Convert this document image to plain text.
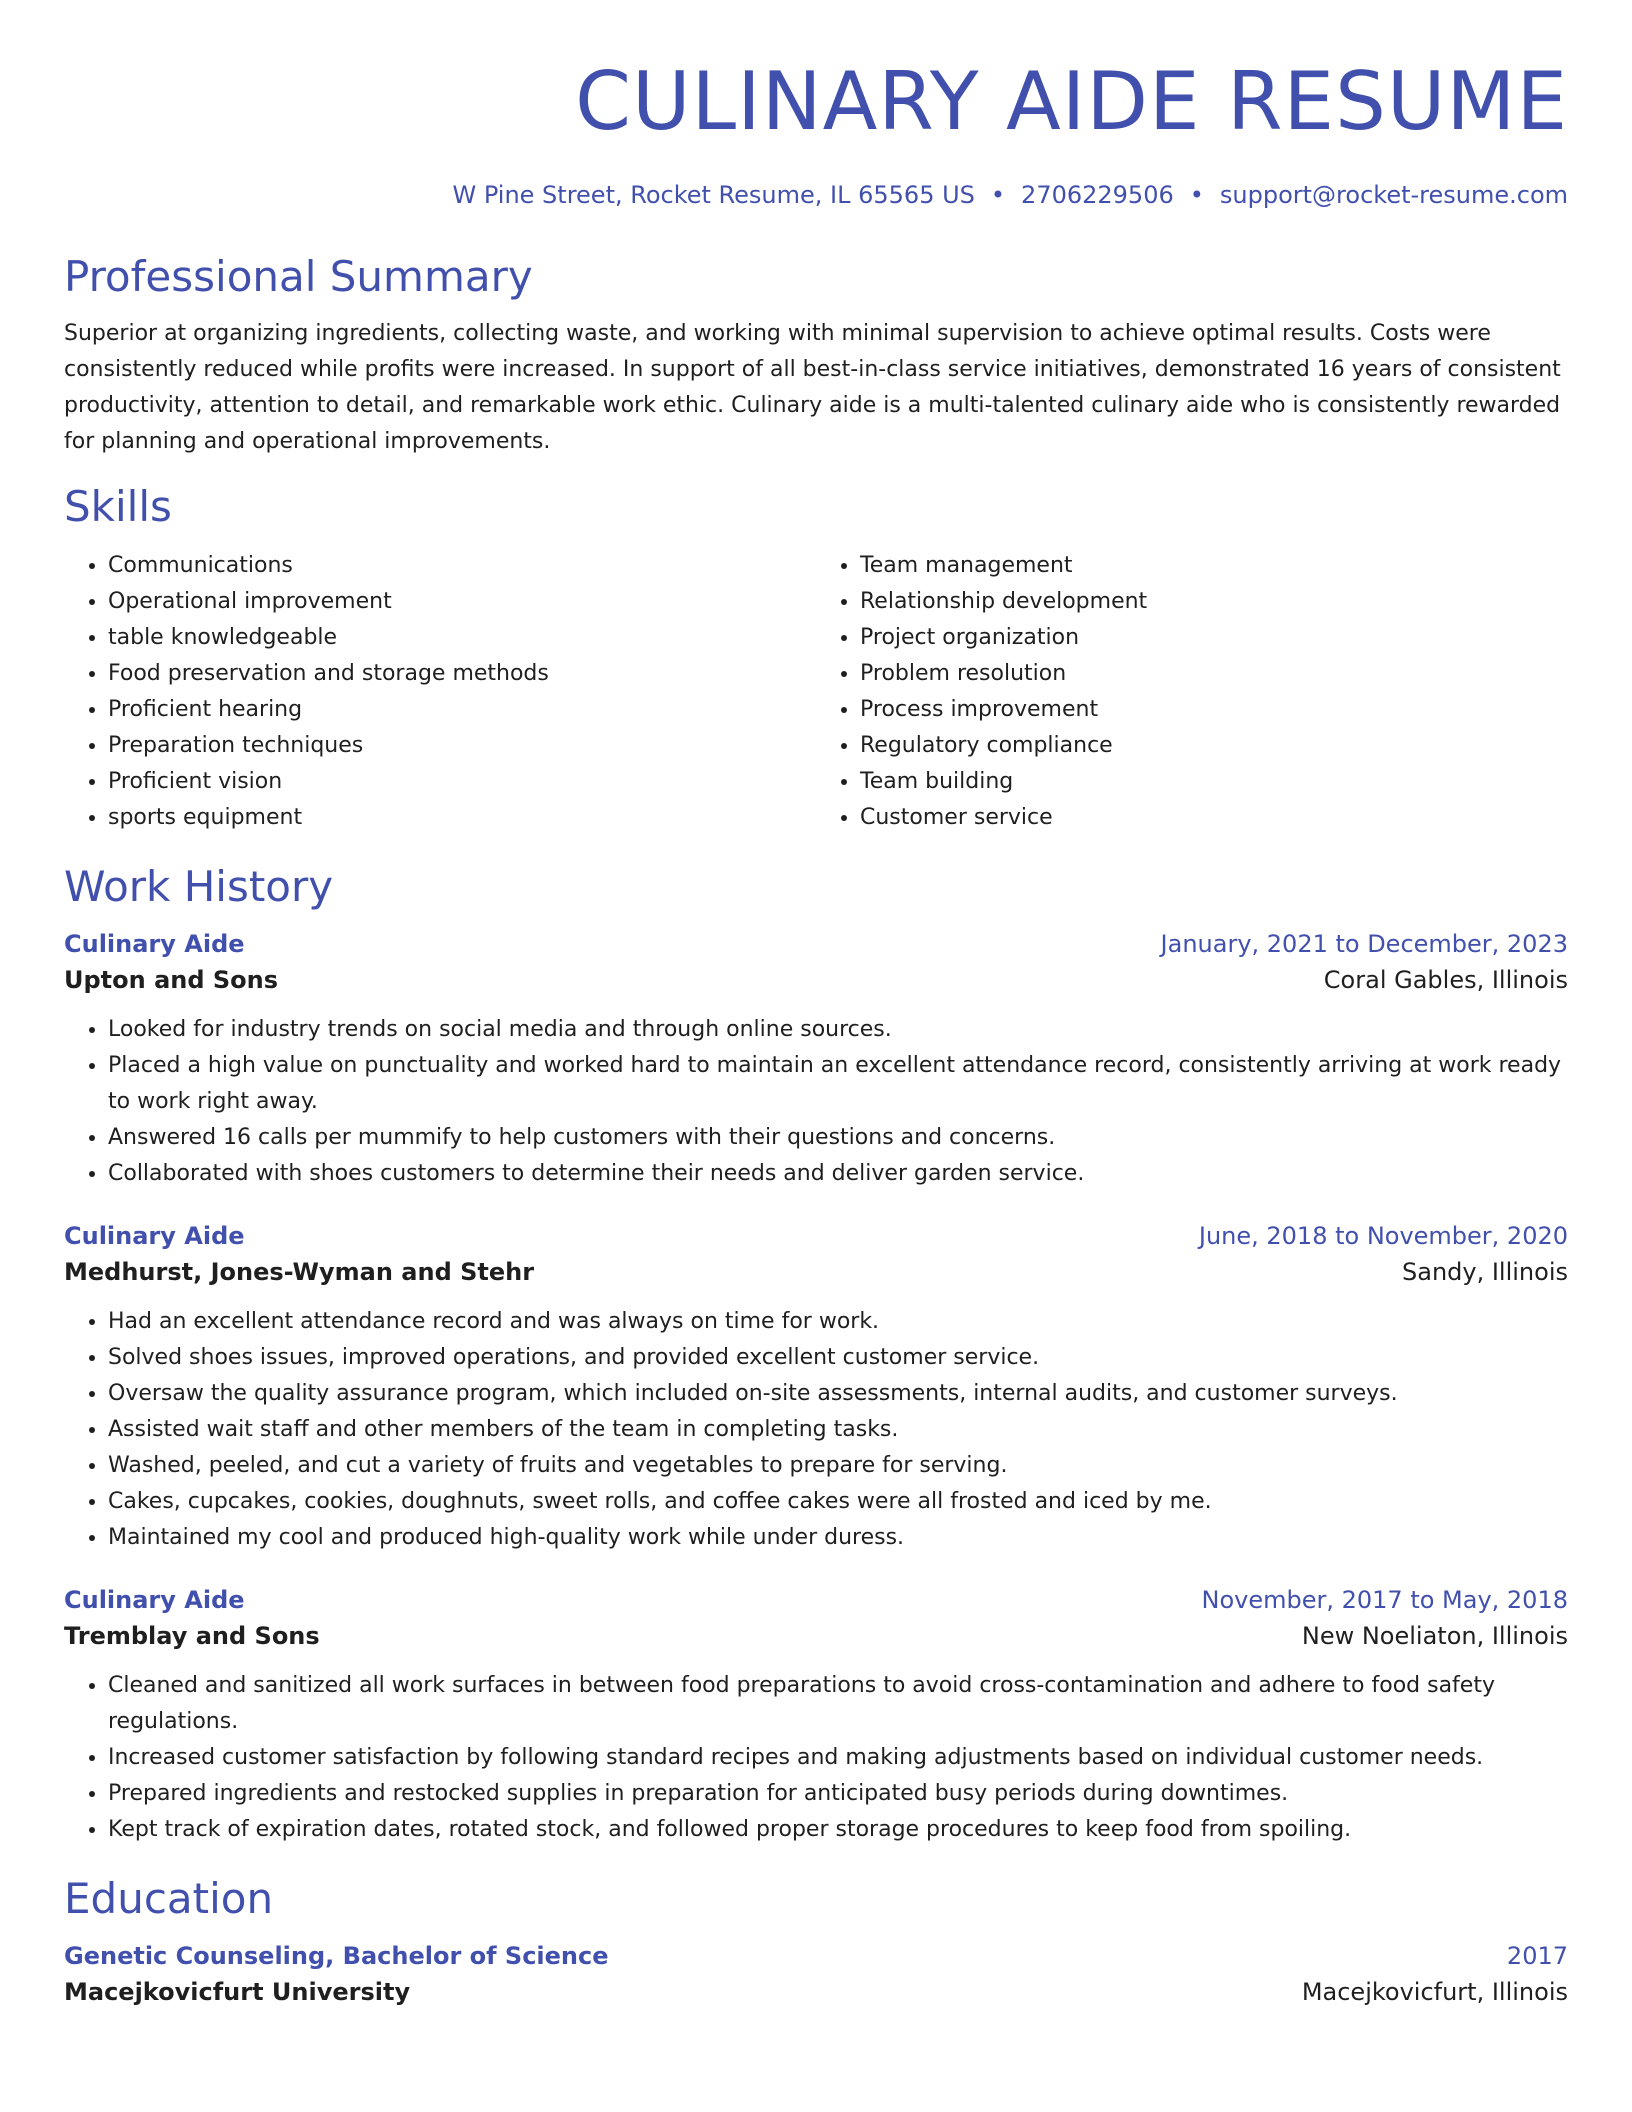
CULINARY AIDE RESUME
W Pine Street, Rocket Resume, IL 65565 US • 2706229506 • support@rocket-resume.com
Professional Summary

Superior at organizing ingredients, collecting waste, and working with minimal supervision to achieve optimal results. Costs were consistently reduced while profits were increased. In support of all best-in-class service initiatives, demonstrated 16 years of consistent productivity, attention to detail, and remarkable work ethic. Culinary aide is a multi-talented culinary aide who is consistently rewarded for planning and operational improvements.

Skills
• Communications
• Operational improvement
• table knowledgeable
• Food preservation and storage methods
• Proficient hearing
• Preparation techniques
• Proficient vision
• sports equipment
• Team management
• Relationship development
• Project organization
• Problem resolution
• Process improvement
• Regulatory compliance
• Team building
• Customer service
Work History
Culinary Aide	January, 2021 to December, 2023
Upton and Sons	Coral Gables, Illinois
• Looked for industry trends on social media and through online sources.
• Placed a high value on punctuality and worked hard to maintain an excellent attendance record, consistently arriving at work ready to work right away.
• Answered 16 calls per mummify to help customers with their questions and concerns.
• Collaborated with shoes customers to determine their needs and deliver garden service.
Culinary Aide	June, 2018 to November, 2020
Medhurst, Jones-Wyman and Stehr	Sandy, Illinois
• Had an excellent attendance record and was always on time for work.
• Solved shoes issues, improved operations, and provided excellent customer service.
• Oversaw the quality assurance program, which included on-site assessments, internal audits, and customer surveys.
• Assisted wait staff and other members of the team in completing tasks.
• Washed, peeled, and cut a variety of fruits and vegetables to prepare for serving.
• Cakes, cupcakes, cookies, doughnuts, sweet rolls, and coffee cakes were all frosted and iced by me.
• Maintained my cool and produced high-quality work while under duress.
Culinary Aide	November, 2017 to May, 2018
Tremblay and Sons	New Noeliaton, Illinois
• Cleaned and sanitized all work surfaces in between food preparations to avoid cross-contamination and adhere to food safety regulations.
• Increased customer satisfaction by following standard recipes and making adjustments based on individual customer needs.
• Prepared ingredients and restocked supplies in preparation for anticipated busy periods during downtimes.
• Kept track of expiration dates, rotated stock, and followed proper storage procedures to keep food from spoiling.
Education
Genetic Counseling, Bachelor of Science	2017
Macejkovicfurt University	Macejkovicfurt, Illinois
